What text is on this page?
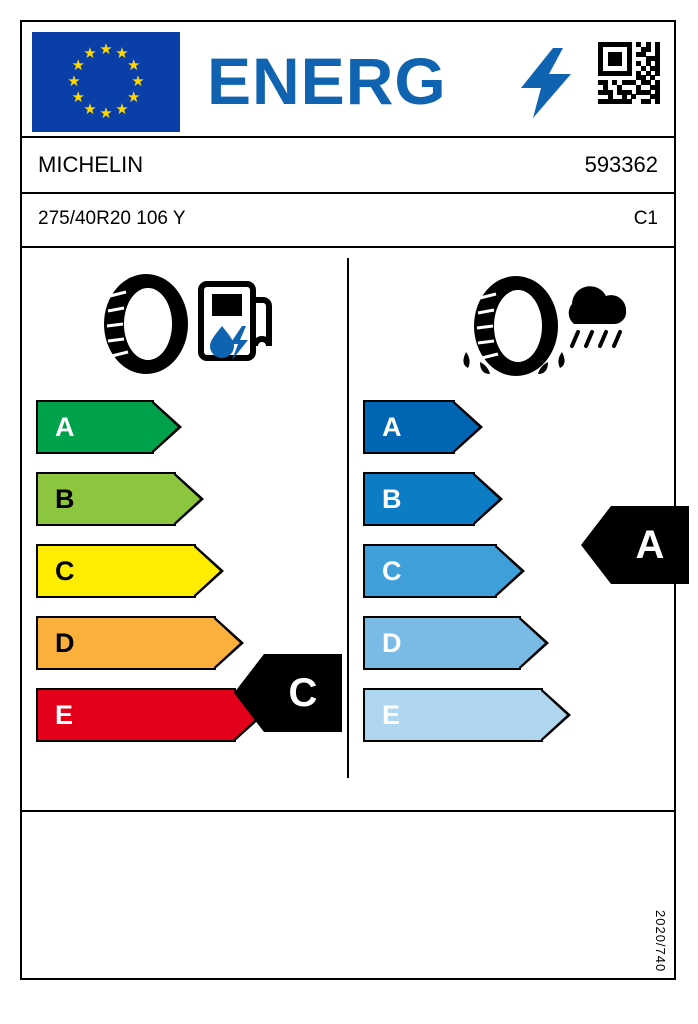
★ ★
★
★
★
★
★
★
★
★
★
★ ENERG
MICHELIN	593362
275/40R20 106 Y	C1
A
B
C
D
E	C
A
B
C
D
E
A
2020/740
